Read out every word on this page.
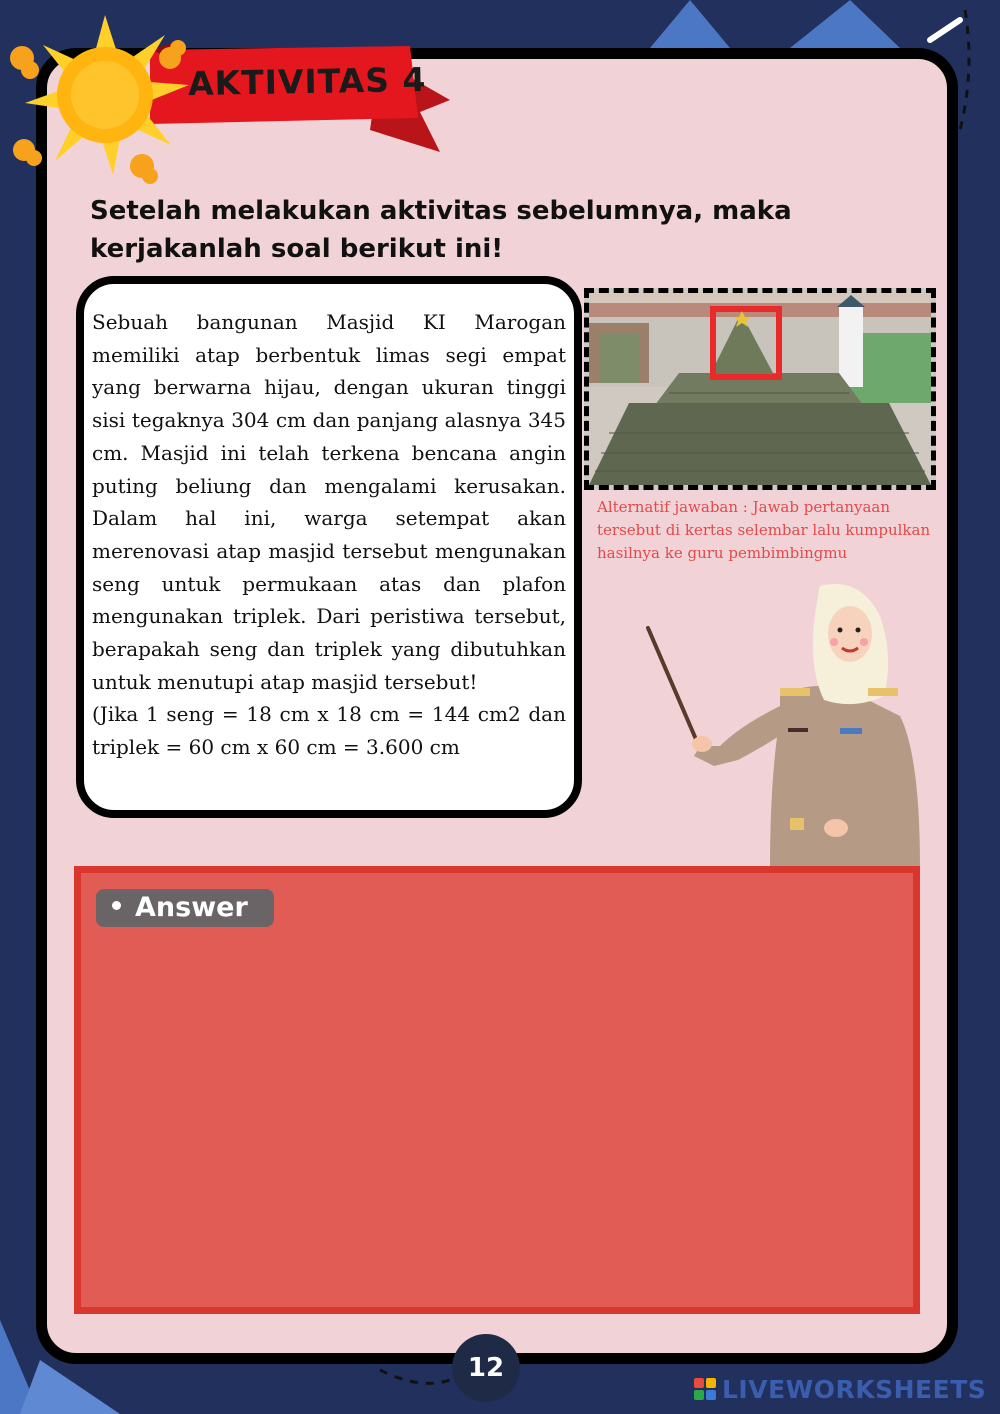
AKTIVITAS 4
Setelah melakukan aktivitas sebelumnya, maka kerjakanlah soal berikut ini!

Sebuah bangunan Masjid KI Marogan memiliki atap berbentuk limas segi empat yang berwarna hijau, dengan ukuran tinggi sisi tegaknya 304 cm dan panjang alasnya 345 cm. Masjid ini telah terkena bencana angin puting beliung dan mengalami kerusakan. Dalam hal ini, warga setempat akan merenovasi atap masjid tersebut mengunakan seng untuk permukaan atas dan plafon mengunakan triplek. Dari peristiwa tersebut, berapakah seng dan triplek yang dibutuhkan untuk menutupi atap masjid tersebut!

(Jika 1 seng = 18 cm x 18 cm = 144 cm2 dan triplek = 60 cm x 60 cm = 3.600 cm

Alternatif jawaban : Jawab pertanyaan tersebut di kertas selembar lalu kumpulkan hasilnya ke guru pembimbingmu
Answer
12
LIVEWORKSHEETS
